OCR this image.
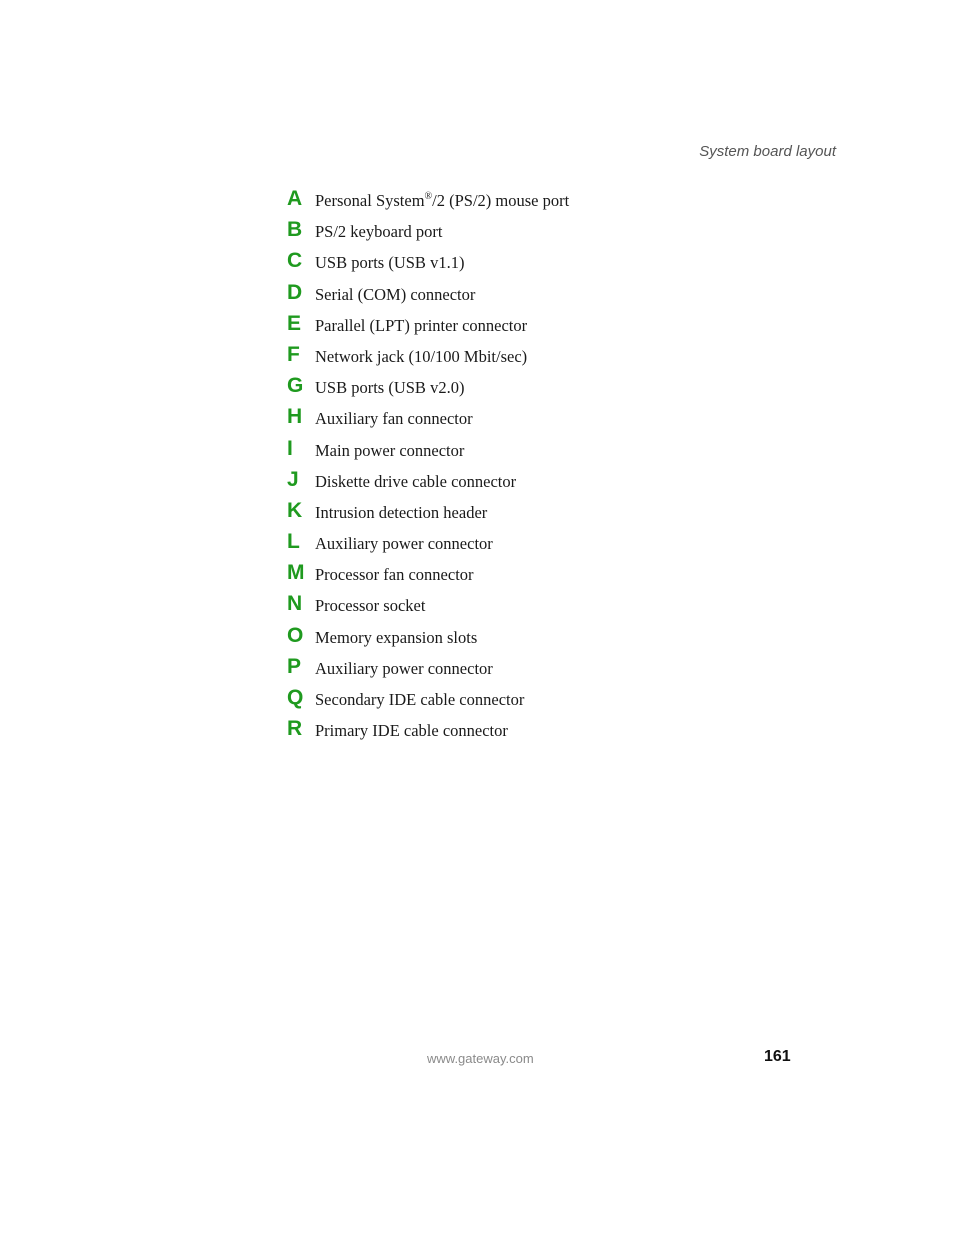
System board layout
A Personal System®/2 (PS/2) mouse port
B PS/2 keyboard port
C USB ports (USB v1.1)
D Serial (COM) connector
E Parallel (LPT) printer connector
F Network jack (10/100 Mbit/sec)
G USB ports (USB v2.0)
H Auxiliary fan connector
I	Main power connector
J Diskette drive cable connector
K Intrusion detection header
L Auxiliary power connector
M Processor fan connector
N Processor socket
O Memory expansion slots
P Auxiliary power connector
Q Secondary IDE cable connector
R Primary IDE cable connector
www.gateway.com	161
